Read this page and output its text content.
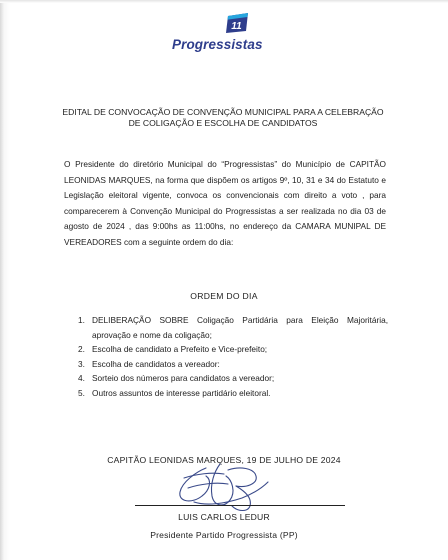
11
Progressistas
EDITAL DE CONVOCAÇÃO DE CONVENÇÃO MUNICIPAL PARA A CELEBRAÇÃO
DE COLIGAÇÃO E ESCOLHA DE CANDIDATOS
O Presidente do diretório Municipal do “Progressistas” do Município de CAPITÃO LEONIDAS MARQUES, na forma que dispõem os artigos 9º, 10, 31 e 34 do Estatuto e Legislação eleitoral vigente, convoca os convencionais com direito a voto , para comparecerem à Convenção Municipal do Progressistas a ser realizada no dia 03 de agosto de 2024 , das 9:00hs as 11:00hs, no endereço da CAMARA MUNIPAL DE VEREADORES com a seguinte ordem do dia:
ORDEM DO DIA
1. DELIBERAÇÃO SOBRE Coligação Partidária para Eleição Majoritária, aprovação e nome da coligação;
2. Escolha de candidato a Prefeito e Vice-prefeito;
3. Escolha de candidatos a vereador:
4. Sorteio dos números para candidatos a vereador;
5. Outros assuntos de interesse partidário eleitoral.
CAPITÃO LEONIDAS MARQUES, 19 DE JULHO DE 2024
LUIS CARLOS LEDUR
Presidente Partido Progressista (PP)
